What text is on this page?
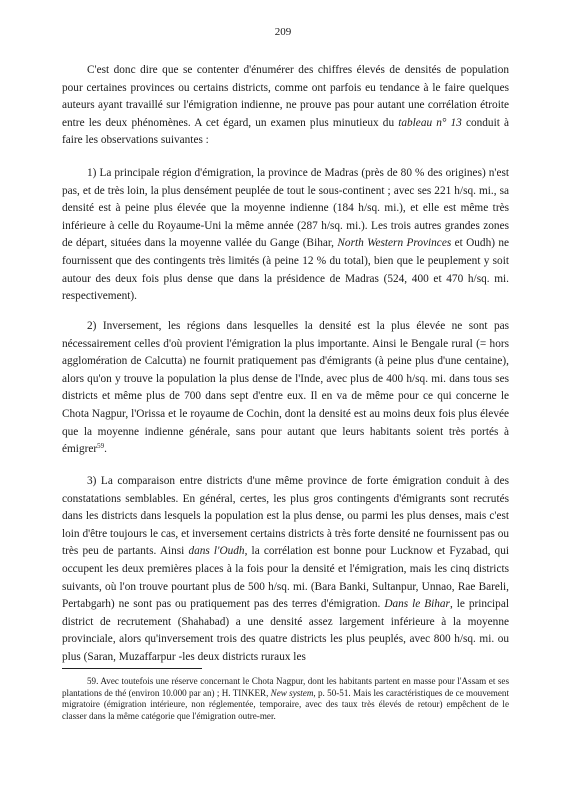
209

C'est donc dire que se contenter d'énumérer des chiffres élevés de densités de population pour certaines provinces ou certains districts, comme ont parfois eu tendance à le faire quelques auteurs ayant travaillé sur l'émigration indienne, ne prouve pas pour autant une corrélation étroite entre les deux phénomènes. A cet égard, un examen plus minutieux du tableau n° 13 conduit à faire les observations suivantes :

1) La principale région d'émigration, la province de Madras (près de 80 % des origines) n'est pas, et de très loin, la plus densément peuplée de tout le sous-continent ; avec ses 221 h/sq. mi., sa densité est à peine plus élevée que la moyenne indienne (184 h/sq. mi.), et elle est même très inférieure à celle du Royaume-Uni la même année (287 h/sq. mi.). Les trois autres grandes zones de départ, situées dans la moyenne vallée du Gange (Bihar, North Western Provinces et Oudh) ne fournissent que des contingents très limités (à peine 12 % du total), bien que le peuplement y soit autour des deux fois plus dense que dans la présidence de Madras (524, 400 et 470 h/sq. mi. respectivement).

2) Inversement, les régions dans lesquelles la densité est la plus élevée ne sont pas nécessairement celles d'où provient l'émigration la plus importante. Ainsi le Bengale rural (= hors agglomération de Calcutta) ne fournit pratiquement pas d'émigrants (à peine plus d'une centaine), alors qu'on y trouve la population la plus dense de l'Inde, avec plus de 400 h/sq. mi. dans tous ses districts et même plus de 700 dans sept d'entre eux. Il en va de même pour ce qui concerne le Chota Nagpur, l'Orissa et le royaume de Cochin, dont la densité est au moins deux fois plus élevée que la moyenne indienne générale, sans pour autant que leurs habitants soient très portés à émigrer$^{59}$.

3) La comparaison entre districts d'une même province de forte émigration conduit à des constatations semblables. En général, certes, les plus gros contingents d'émigrants sont recrutés dans les districts dans lesquels la population est la plus dense, ou parmi les plus denses, mais c'est loin d'être toujours le cas, et inversement certains districts à très forte densité ne fournissent pas ou très peu de partants. Ainsi dans l'Oudh, la corrélation est bonne pour Lucknow et Fyzabad, qui occupent les deux premières places à la fois pour la densité et l'émigration, mais les cinq districts suivants, où l'on trouve pourtant plus de 500 h/sq. mi. (Bara Banki, Sultanpur, Unnao, Rae Bareli, Pertabgarh) ne sont pas ou pratiquement pas des terres d'émigration. Dans le Bihar, le principal district de recrutement (Shahabad) a une densité assez largement inférieure à la moyenne provinciale, alors qu'inversement trois des quatre districts les plus peuplés, avec 800 h/sq. mi. ou plus (Saran, Muzaffarpur -les deux districts ruraux les

59. Avec toutefois une réserve concernant le Chota Nagpur, dont les habitants partent en masse pour l'Assam et ses plantations de thé (environ 10.000 par an) ; H. TINKER, New system, p. 50-51. Mais les caractéristiques de ce mouvement migratoire (émigration intérieure, non réglementée, temporaire, avec des taux très élevés de retour) empêchent de le classer dans la même catégorie que l'émigration outre-mer.
